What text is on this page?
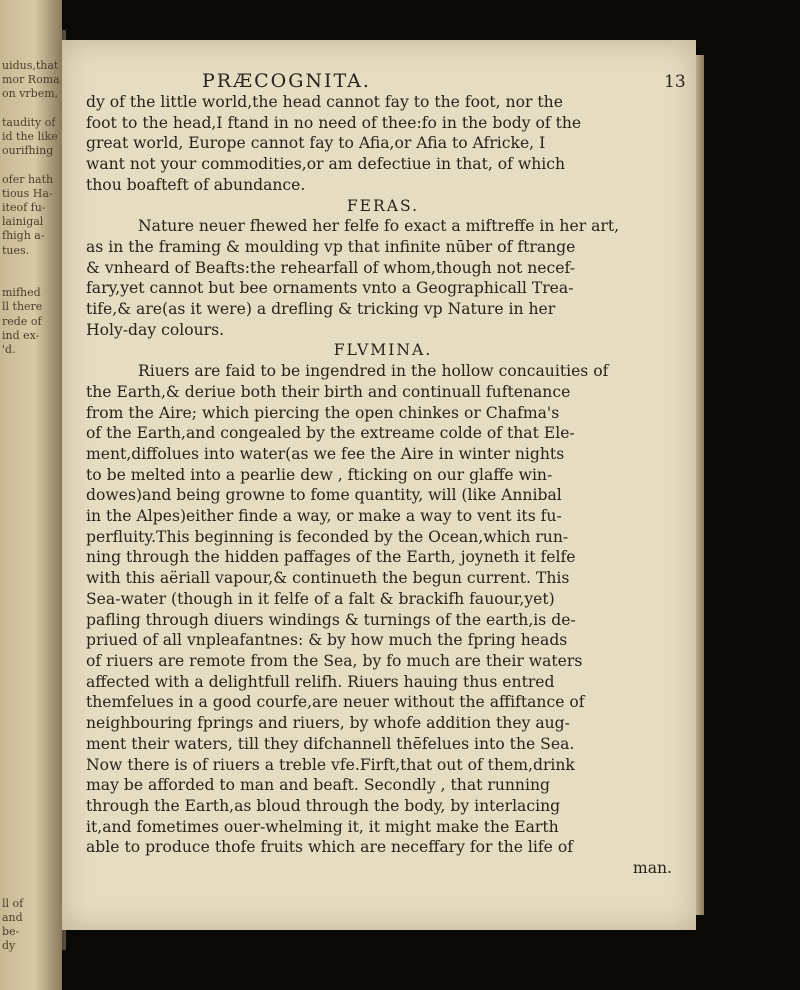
uidus,that
mor Roma
on vrbem,
taudity of
id the like
ourifhing
ofer hath
tious Ha-
iteof fu-
lainigal
fhigh a-
tues.
mifhed
ll there
rede of
ind ex-
'd.
ll of
and
be-
dy
PRÆCOGNITA.	13
dy of the little world,the head cannot fay to the foot, nor the
foot to the head,I ftand in no need of thee:fo in the body of the
great world, Europe cannot fay to Afia,or Afia to Africke, I
want not your commodities,or am defectiue in that, of which
thou boafteft of abundance.
FERAS.
Nature neuer fhewed her felfe fo exact a miftreffe in her art,
as in the framing & moulding vp that infinite nūber of ftrange
& vnheard of Beafts:the rehearfall of whom,though not necef-
fary,yet cannot but bee ornaments vnto a Geographicall Trea-
tife,& are(as it were) a drefling & tricking vp Nature in her
Holy-day colours.
FLVMINA.
Riuers are faid to be ingendred in the hollow concauities of
the Earth,& deriue both their birth and continuall fuftenance
from the Aire; which piercing the open chinkes or Chafma's
of the Earth,and congealed by the extreame colde of that Ele-
ment,diffolues into water(as we fee the Aire in winter nights
to be melted into a pearlie dew , fticking on our glaffe win-
dowes)and being growne to fome quantity, will (like Annibal
in the Alpes)either finde a way, or make a way to vent its fu-
perfluity.This beginning is feconded by the Ocean,which run-
ning through the hidden paffages of the Earth, joyneth it felfe
with this aëriall vapour,& continueth the begun current. This
Sea-water (though in it felfe of a falt & brackifh fauour,yet)
pafling through diuers windings & turnings of the earth,is de-
priued of all vnpleafantnes: & by how much the fpring heads
of riuers are remote from the Sea, by fo much are their waters
affected with a delightfull relifh. Riuers hauing thus entred
themfelues in a good courfe,are neuer without the affiftance of
neighbouring fprings and riuers, by whofe addition they aug-
ment their waters, till they difchannell thēfelues into the Sea.
Now there is of riuers a treble vfe.Firft,that out of them,drink
may be afforded to man and beaft. Secondly , that running
through the Earth,as bloud through the body, by interlacing
it,and fometimes ouer-whelming it, it might make the Earth
able to produce thofe fruits which are neceffary for the life of
man.
